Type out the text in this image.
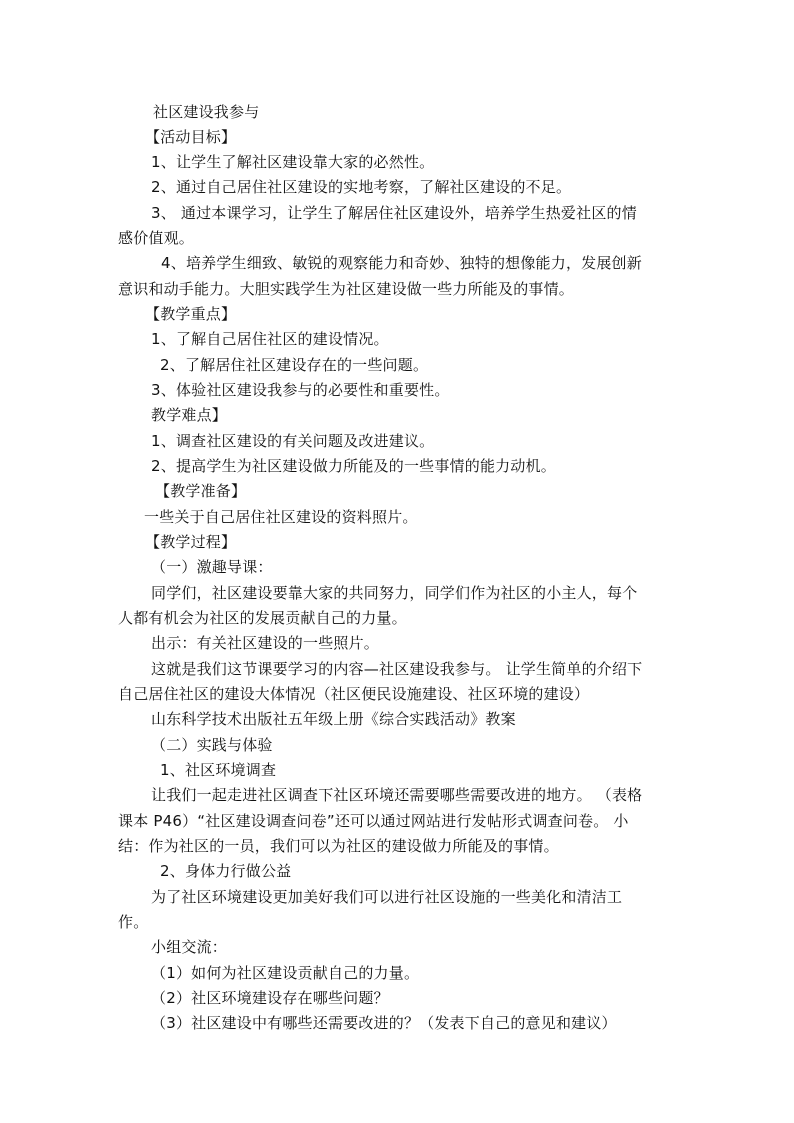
社区建设我参与
【活动目标】
1、让学生了解社区建设靠大家的必然性。
2、通过自己居住社区建设的实地考察，了解社区建设的不足。
3、 通过本课学习，让学生了解居住社区建设外，培养学生热爱社区的情
感价值观。
4、培养学生细致、敏锐的观察能力和奇妙、独特的想像能力，发展创新
意识和动手能力。大胆实践学生为社区建设做一些力所能及的事情。
【教学重点】
1、了解自己居住社区的建设情况。
2、了解居住社区建设存在的一些问题。
3、体验社区建设我参与的必要性和重要性。
教学难点】
1、调查社区建设的有关问题及改进建议。
2、提高学生为社区建设做力所能及的一些事情的能力动机。
【教学准备】
一些关于自己居住社区建设的资料照片。
【教学过程】
（一）激趣导课：
同学们，社区建设要靠大家的共同努力，同学们作为社区的小主人，每个
人都有机会为社区的发展贡献自己的力量。
出示：有关社区建设的一些照片。
这就是我们这节课要学习的内容—社区建设我参与。 让学生简单的介绍下
自己居住社区的建设大体情况（社区便民设施建设、社区环境的建设）
山东科学技术出版社五年级上册《综合实践活动》教案
（二）实践与体验
1、社区环境调查
让我们一起走进社区调查下社区环境还需要哪些需要改进的地方。 （表格
课本 P46）“社区建设调查问卷”还可以通过网站进行发帖形式调查问卷。 小
结：作为社区的一员，我们可以为社区的建设做力所能及的事情。
2、身体力行做公益
为了社区环境建设更加美好我们可以进行社区设施的一些美化和清洁工
作。
小组交流：
（1）如何为社区建设贡献自己的力量。
（2）社区环境建设存在哪些问题？
（3）社区建设中有哪些还需要改进的？（发表下自己的意见和建议）
